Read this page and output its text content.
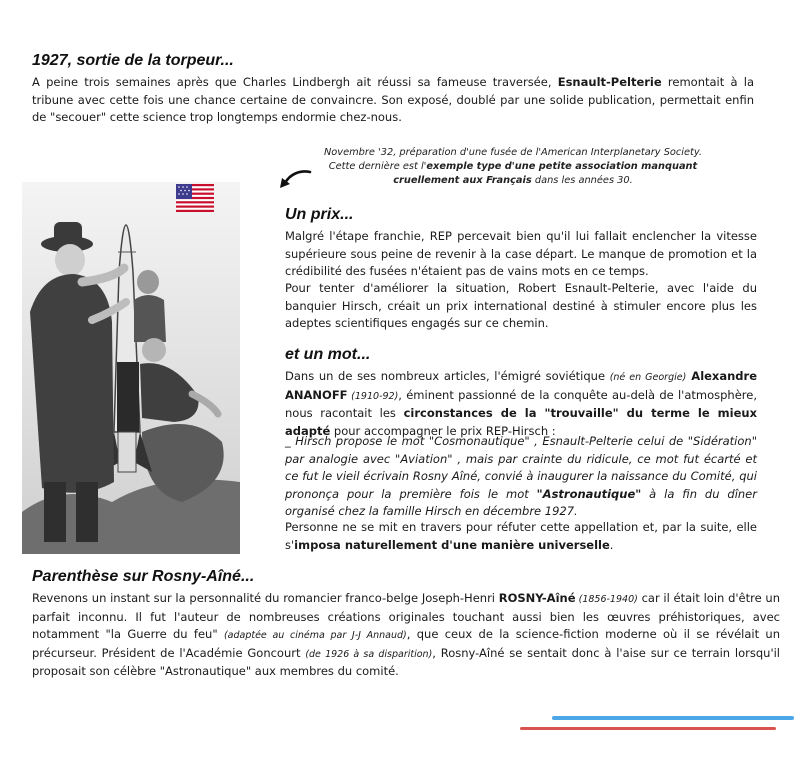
1927, sortie de la torpeur...

A peine trois semaines après que Charles Lindbergh ait réussi sa fameuse traversée, Esnault-Pelterie remontait à la tribune avec cette fois une chance certaine de convaincre. Son exposé, doublé par une solide publication, permettait enfin de "secouer" cette science trop longtemps endormie chez-nous.

Novembre '32, préparation d'une fusée de l'American Interplanetary Society.
Cette dernière est l'exemple type d'une petite association manquant
cruellement aux Français dans les années 30.
Un prix...

Malgré l'étape franchie, REP percevait bien qu'il lui fallait enclencher la vitesse supérieure sous peine de revenir à la case départ. Le manque de promotion et la crédibilité des fusées n'étaient pas de vains mots en ce temps.

Pour tenter d'améliorer la situation, Robert Esnault-Pelterie, avec l'aide du banquier Hirsch, créait un prix international destiné à stimuler encore plus les adeptes scientifiques engagés sur ce chemin.

et un mot...

Dans un de ses nombreux articles, l'émigré soviétique (né en Georgie) Alexandre ANANOFF (1910-92), éminent passionné de la conquête au-delà de l'atmosphère, nous racontait les circonstances de la "trouvaille" du terme le mieux adapté pour accompagner le prix REP-Hirsch :

_ Hirsch propose le mot "Cosmonautique" , Esnault-Pelterie celui de "Sidération" par analogie avec "Aviation" , mais par crainte du ridicule, ce mot fut écarté et ce fut le vieil écrivain Rosny Aîné, convié à inaugurer la naissance du Comité, qui prononça pour la première fois le mot "Astronautique" à la fin du dîner organisé chez la famille Hirsch en décembre 1927.

Personne ne se mit en travers pour réfuter cette appellation et, par la suite, elle s'imposa naturellement d'une manière universelle.

Parenthèse sur Rosny-Aîné...

Revenons un instant sur la personnalité du romancier franco-belge Joseph-Henri ROSNY-Aîné (1856-1940) car il était loin d'être un parfait inconnu. Il fut l'auteur de nombreuses créations originales touchant aussi bien les œuvres préhistoriques, avec notamment "la Guerre du feu" (adaptée au cinéma par J-J Annaud), que ceux de la science-fiction moderne où il se révélait un précurseur. Président de l'Académie Goncourt (de 1926 à sa disparition), Rosny-Aîné se sentait donc à l'aise sur ce terrain lorsqu'il proposait son célèbre "Astronautique" aux membres du comité.
